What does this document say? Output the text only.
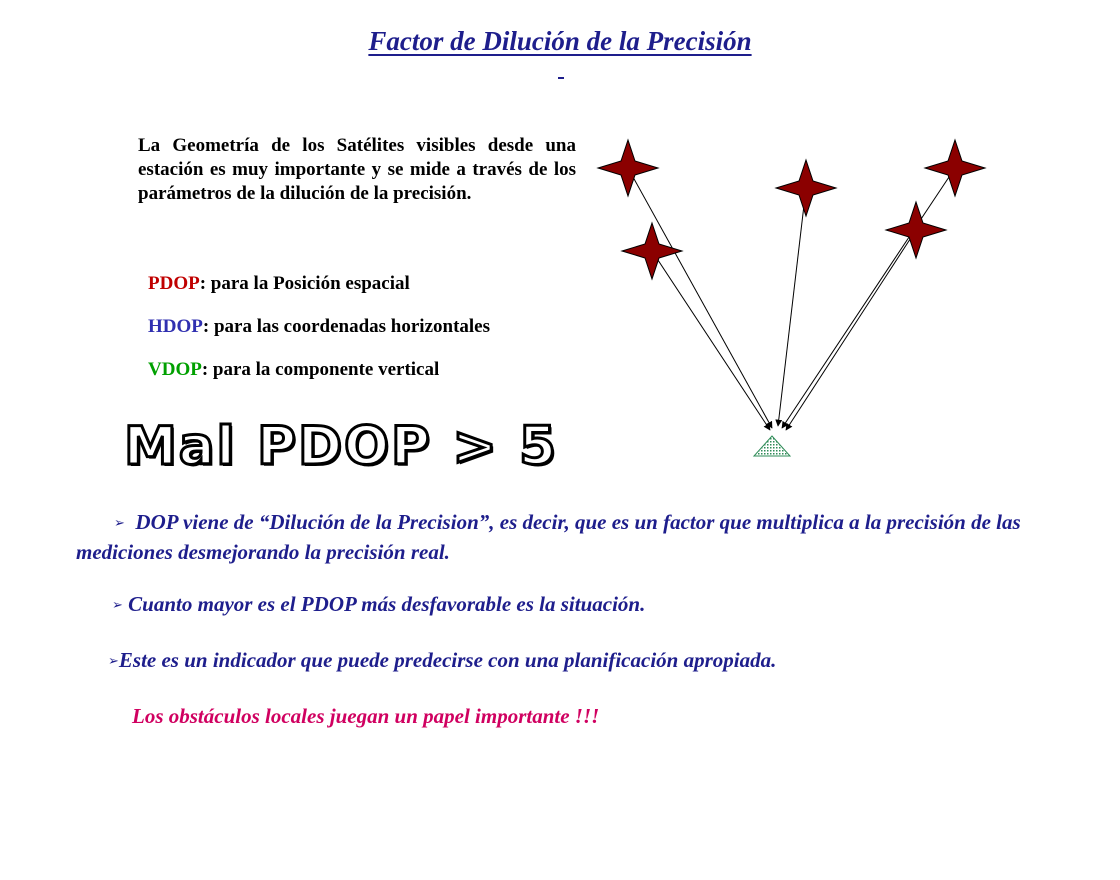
Factor de Dilución de la Precisión
La Geometría de los Satélites visibles desde una estación es muy importante y se mide a través de los parámetros de la dilución de la precisión.
PDOP: para la Posición espacial
HDOP: para las coordenadas horizontales
VDOP: para la componente vertical
Mal PDOP > 5
➢ DOP viene de “Dilución de la Precision”, es decir, que es un factor que multiplica a la precisión de las mediciones desmejorando la precisión real.
➢ Cuanto mayor es el PDOP más desfavorable es la situación.
➢Este es un indicador que puede predecirse con una planificación apropiada.
Los obstáculos locales juegan un papel importante !!!
